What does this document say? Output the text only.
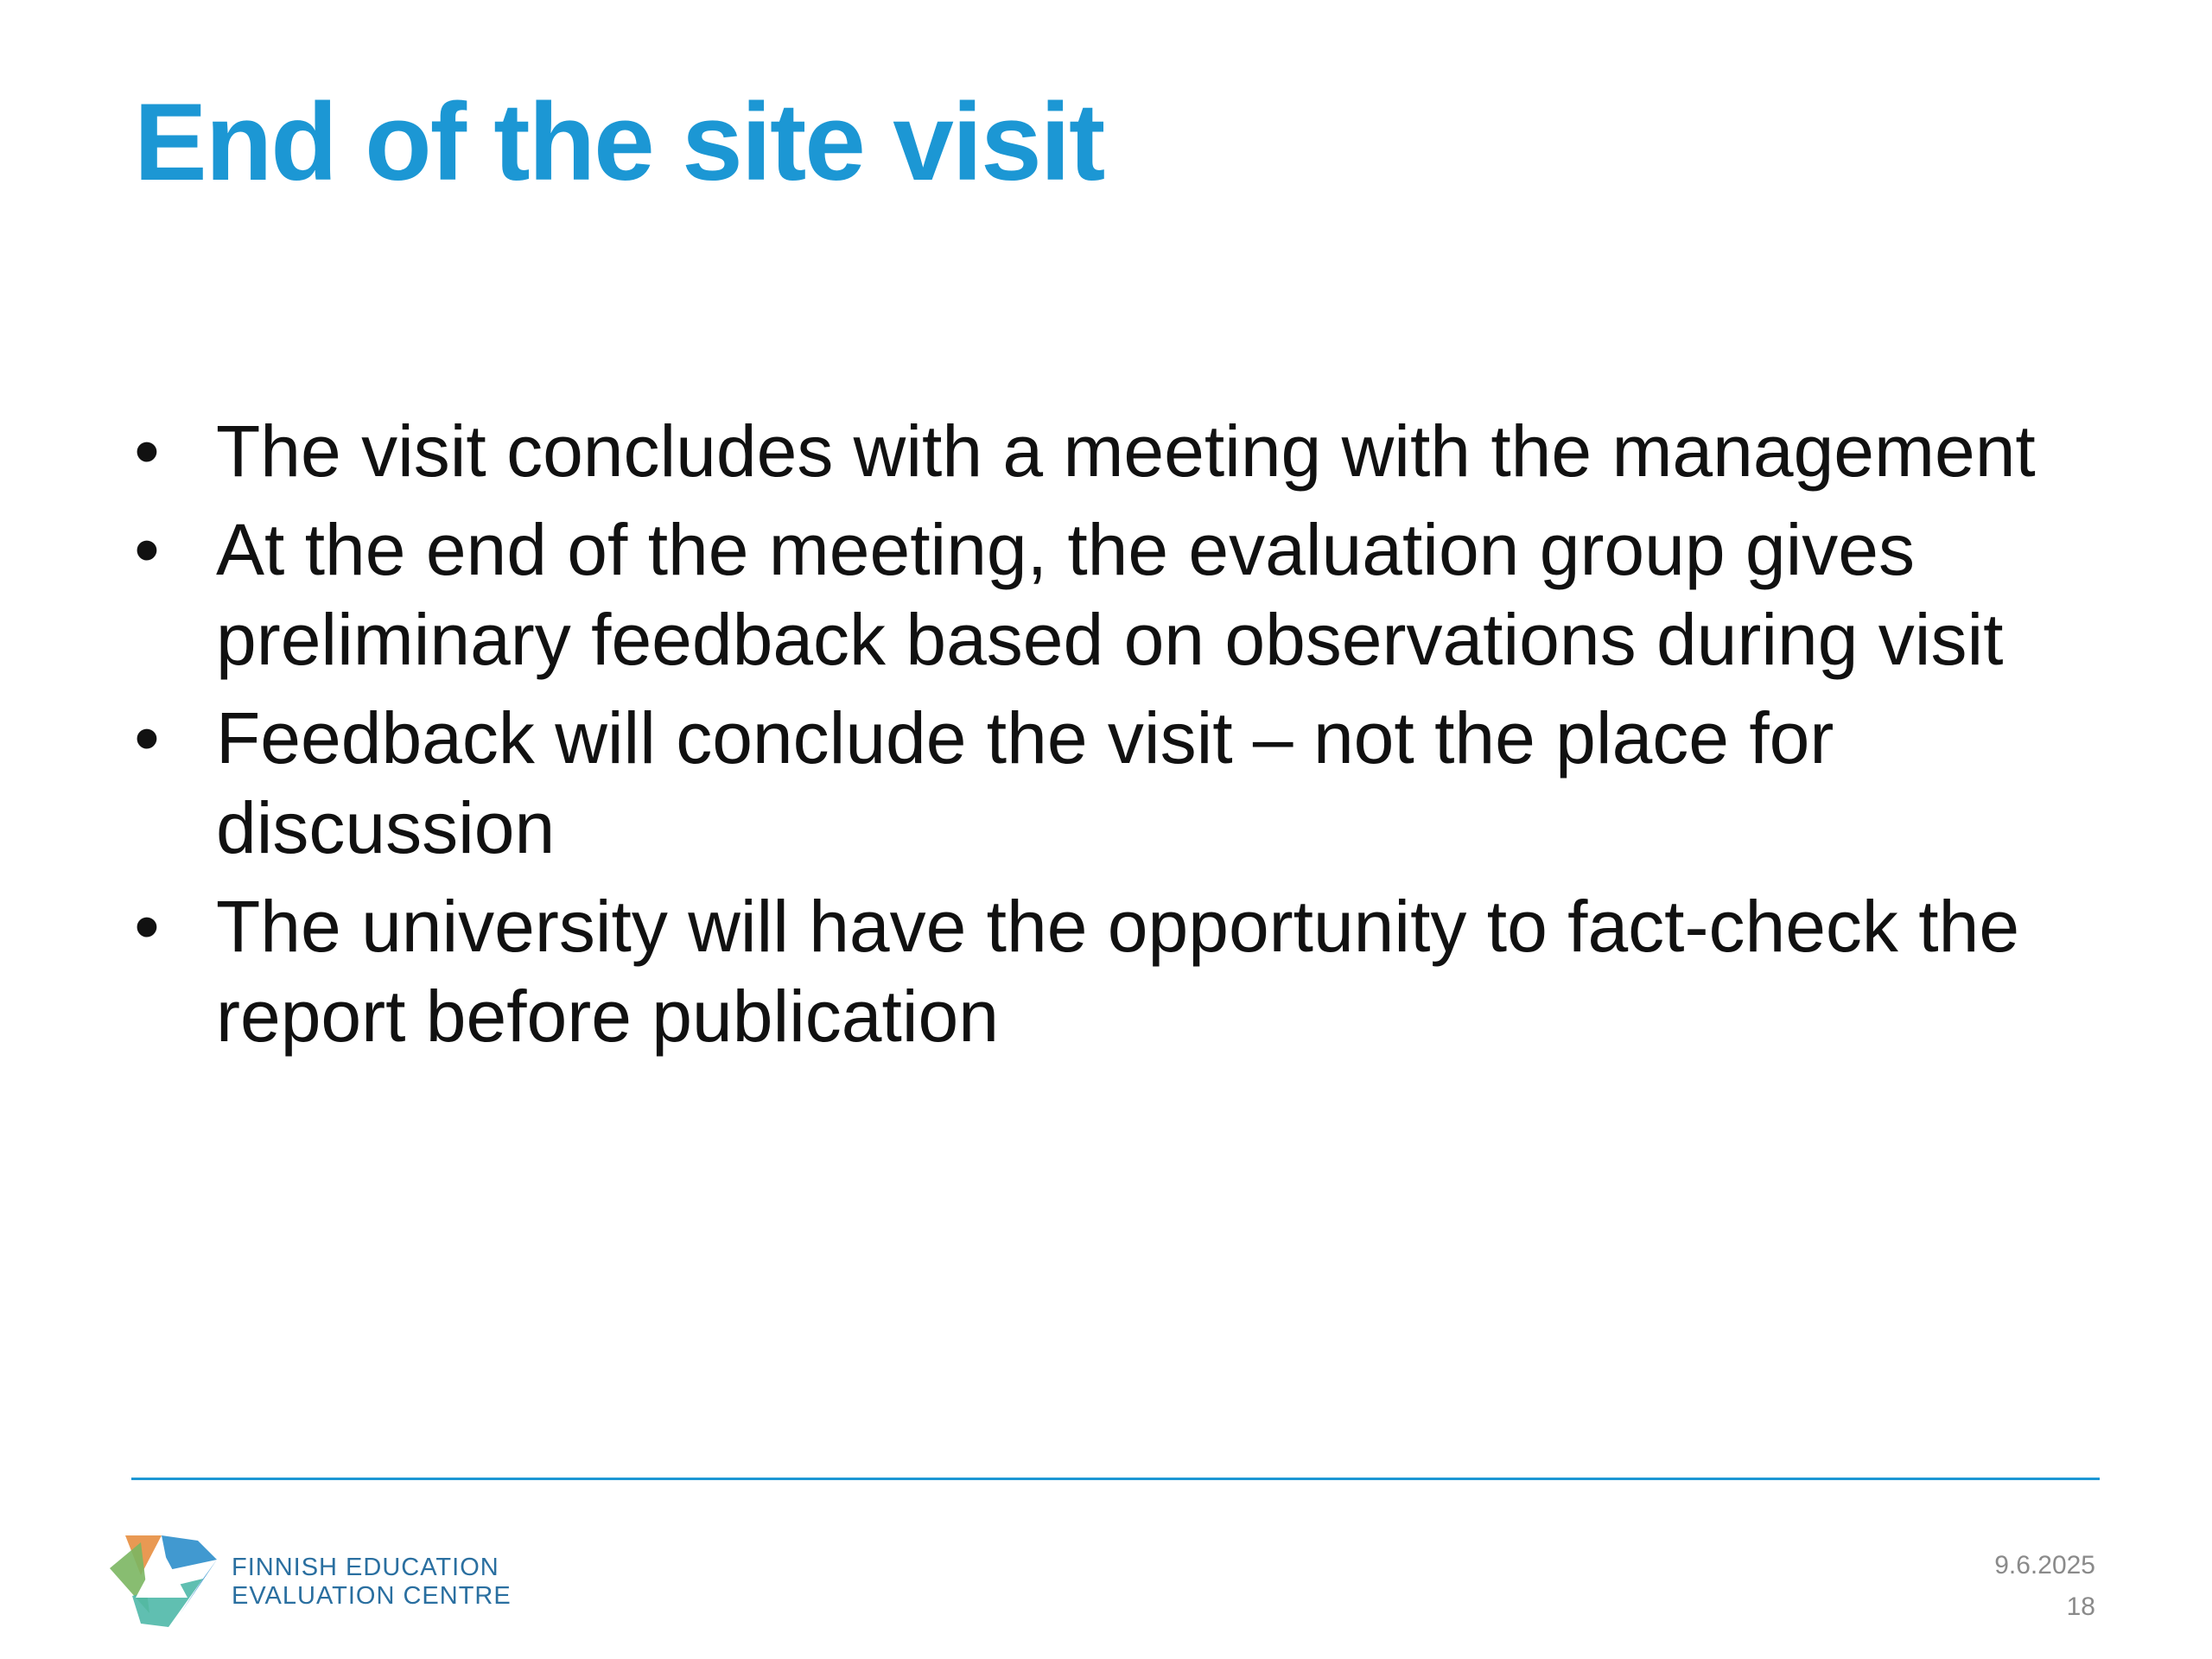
End of the site visit
• The visit concludes with a meeting with the management
• At the end of the meeting, the evaluation group gives preliminary feedback based on observations during visit
• Feedback will conclude the visit – not the place for discussion
• The university will have the opportunity to fact-check the report before publication
FINNISH EDUCATION
EVALUATION CENTRE
9.6.2025
18
